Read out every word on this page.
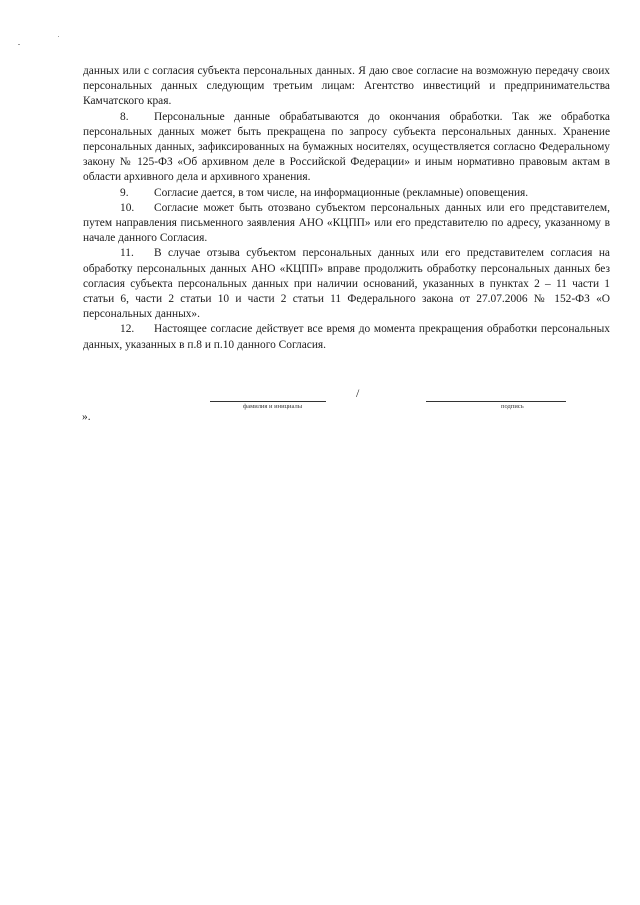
данных или с согласия субъекта персональных данных. Я даю свое согласие на возможную передачу своих персональных данных следующим третьим лицам: Агентство инвестиций и предпринимательства Камчатского края.

8. Персональные данные обрабатываются до окончания обработки. Так же обработка персональных данных может быть прекращена по запросу субъекта персональных данных. Хранение персональных данных, зафиксированных на бумажных носителях, осуществляется согласно Федеральному закону № 125-ФЗ «Об архивном деле в Российской Федерации» и иным нормативно правовым актам в области архивного дела и архивного хранения.

9. Согласие дается, в том числе, на информационные (рекламные) оповещения.

10. Согласие может быть отозвано субъектом персональных данных или его представителем, путем направления письменного заявления АНО «КЦПП» или его представителю по адресу, указанному в начале данного Согласия.

11. В случае отзыва субъектом персональных данных или его представителем согласия на обработку персональных данных АНО «КЦПП» вправе продолжить обработку персональных данных без согласия субъекта персональных данных при наличии оснований, указанных в пунктах 2 – 11 части 1 статьи 6, части 2 статьи 10 и части 2 статьи 11 Федерального закона от 27.07.2006 № 152-ФЗ «О персональных данных».

12. Настоящее согласие действует все время до момента прекращения обработки персональных данных, указанных в п.8 и п.10 данного Согласия.

/
фамилия и инициалы	подпись
».
